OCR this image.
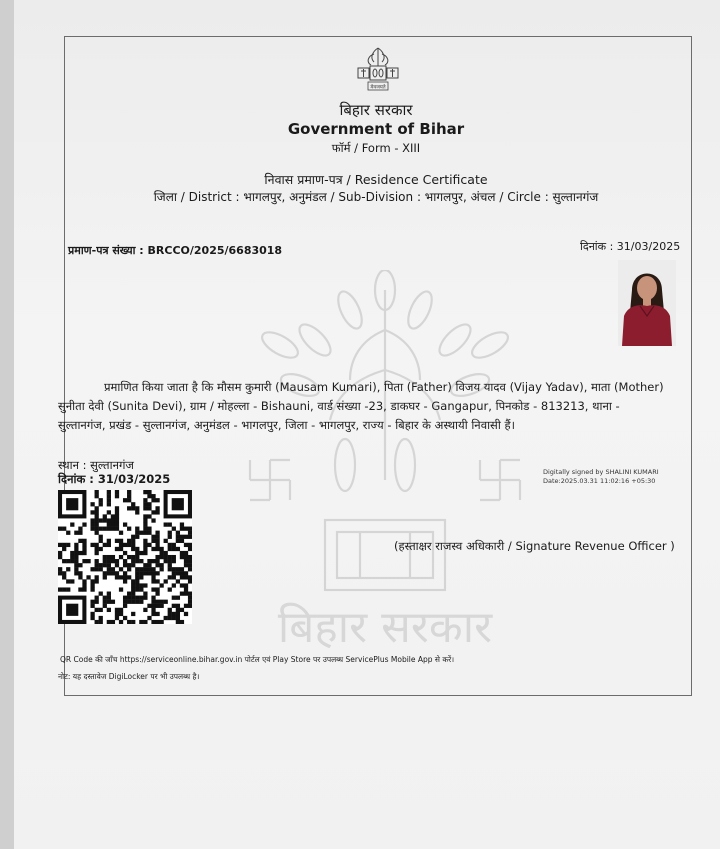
मेवजयते
बिहार सरकार
Government of Bihar
फॉर्म / Form - XIII
निवास प्रमाण-पत्र / Residence Certificate
जिला / District : भागलपुर, अनुमंडल / Sub-Division : भागलपुर, अंचल / Circle : सुल्तानगंज
प्रमाण-पत्र संख्या : BRCCO/2025/6683018	दिनांक : 31/03/2025
बिहार सरकार
प्रमाणित किया जाता है कि मौसम कुमारी (Mausam Kumari), पिता (Father) विजय यादव (Vijay Yadav), माता (Mother)
सुनीता देवी (Sunita Devi), ग्राम / मोहल्ला - Bishauni, वार्ड संख्या -23, डाकघर - Gangapur, पिनकोड - 813213, थाना -
सुल्तानगंज, प्रखंड - सुल्तानगंज, अनुमंडल - भागलपुर, जिला - भागलपुर, राज्य - बिहार के अस्थायी निवासी हैं।
स्थान : सुल्तानगंज
दिनांक : 31/03/2025	Digitally signed by SHALINI KUMARI
Date:2025.03.31 11:02:16 +05:30
(हस्ताक्षर राजस्व अधिकारी / Signature Revenue Officer )
QR Code की जाँच https://serviceonline.bihar.gov.in पोर्टल एवं Play Store पर उपलब्ध ServicePlus Mobile App से करें।
नोट: यह दस्तावेज DigiLocker पर भी उपलब्ध है।
